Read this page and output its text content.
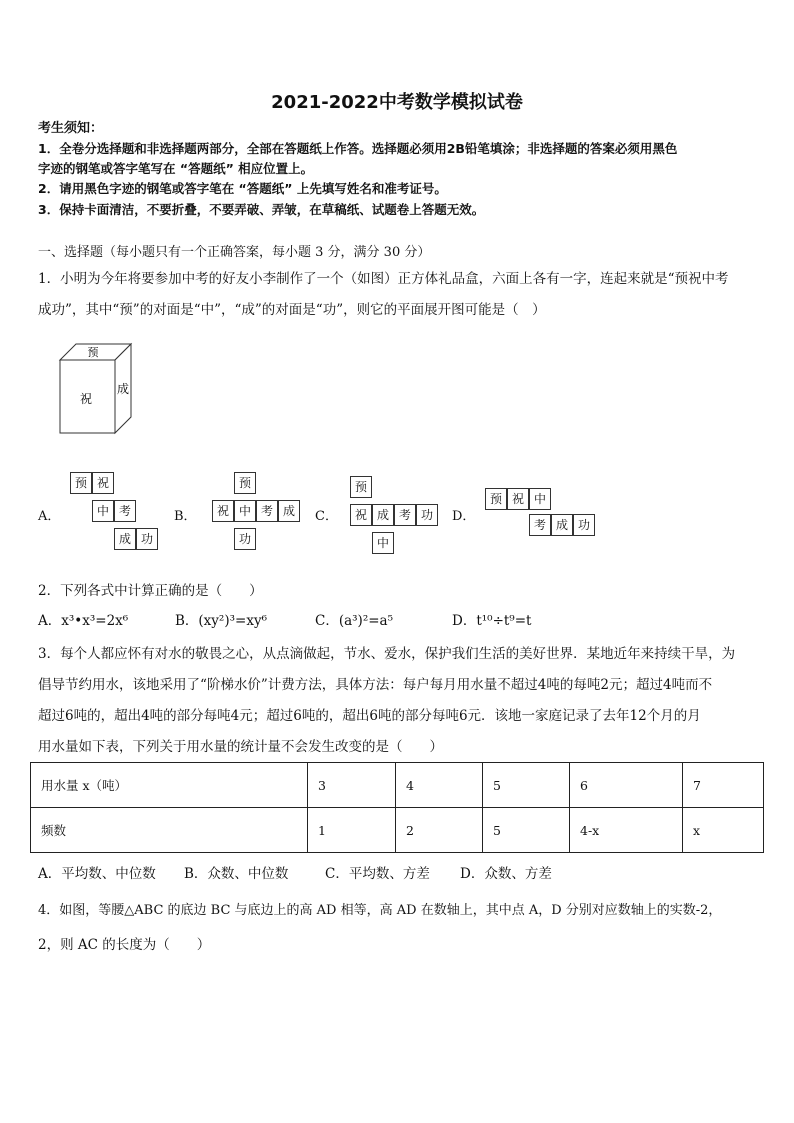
2021-2022中考数学模拟试卷
考生须知：
1．全卷分选择题和非选择题两部分，全部在答题纸上作答。选择题必须用2B铅笔填涂；非选择题的答案必须用黑色
字迹的钢笔或答字笔写在 “答题纸” 相应位置上。
2．请用黑色字迹的钢笔或答字笔在 “答题纸” 上先填写姓名和准考证号。
3．保持卡面清洁，不要折叠，不要弄破、弄皱，在草稿纸、试题卷上答题无效。
一、选择题（每小题只有一个正确答案，每小题 3 分，满分 30 分）
1．小明为今年将要参加中考的好友小李制作了一个（如图）正方体礼品盒，六面上各有一字，连起来就是“预祝中考
成功”，其中“预”的对面是“中”，“成”的对面是“功”，则它的平面展开图可能是（　）
预
祝
成
A．	B．	C．	D．
预 祝
中 考
成 功
预
祝 中 考 成
功
预
祝 成 考 功
中
预 祝 中
考 成 功
2．下列各式中计算正确的是（　　）
A．x³•x³=2x⁶	B．(xy²)³=xy⁶	C．(a³)²=a⁵	D．t¹⁰÷t⁹=t
3．每个人都应怀有对水的敬畏之心，从点滴做起，节水、爱水，保护我们生活的美好世界．某地近年来持续干旱，为
倡导节约用水，该地采用了“阶梯水价”计费方法，具体方法：每户每月用水量不超过4吨的每吨2元；超过4吨而不
超过6吨的，超出4吨的部分每吨4元；超过6吨的，超出6吨的部分每吨6元．该地一家庭记录了去年12个月的月
用水量如下表，下列关于用水量的统计量不会发生改变的是（　　）
用水量 x（吨）	3	4	5	6	7
频数	1	2	5	4-x	x
A．平均数、中位数 B．众数、中位数	C．平均数、方差 D．众数、方差
4．如图，等腰△ABC 的底边 BC 与底边上的高 AD 相等，高 AD 在数轴上，其中点 A，D 分别对应数轴上的实数-2，
2，则 AC 的长度为（　　）
